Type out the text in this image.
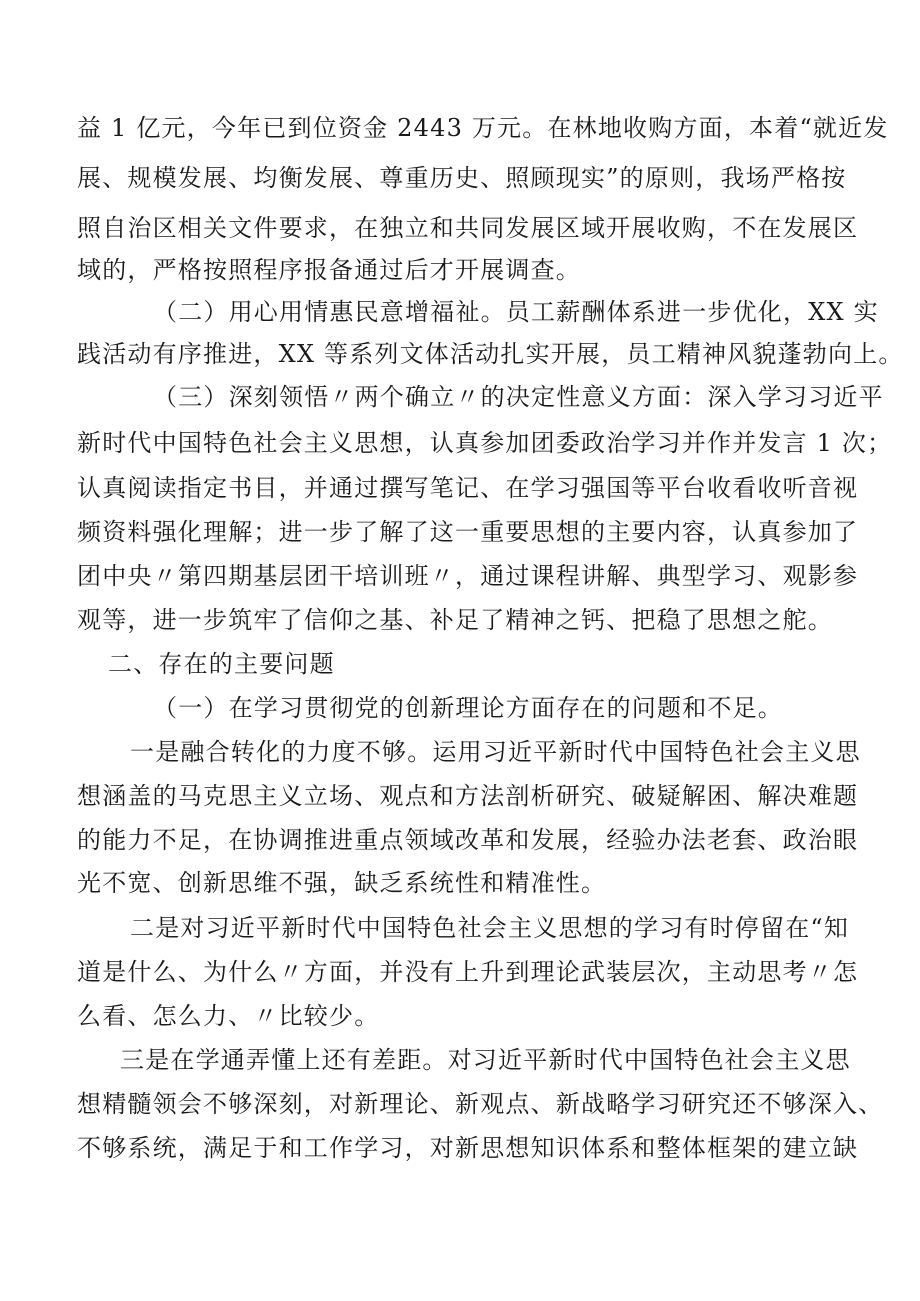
益 1 亿元，今年已到位资金 2443 万元。在林地收购方面，本着“就近发
展、规模发展、均衡发展、尊重历史、照顾现实”的原则，我场严格按
照自治区相关文件要求，在独立和共同发展区域开展收购，不在发展区
域的，严格按照程序报备通过后才开展调查。
（二）用心用情惠民意增福祉。员工薪酬体系进一步优化，XX 实
践活动有序推进，XX 等系列文体活动扎实开展，员工精神风貌蓬勃向上。
（三）深刻领悟〃两个确立〃的决定性意义方面：深入学习习近平
新时代中国特色社会主义思想，认真参加团委政治学习并作并发言 1 次；
认真阅读指定书目，并通过撰写笔记、在学习强国等平台收看收听音视
频资料强化理解；进一步了解了这一重要思想的主要内容，认真参加了
团中央〃第四期基层团干培训班〃，通过课程讲解、典型学习、观影参
观等，进一步筑牢了信仰之基、补足了精神之钙、把稳了思想之舵。
二、存在的主要问题
（一）在学习贯彻党的创新理论方面存在的问题和不足。
一是融合转化的力度不够。运用习近平新时代中国特色社会主义思
想涵盖的马克思主义立场、观点和方法剖析研究、破疑解困、解决难题
的能力不足，在协调推进重点领域改革和发展，经验办法老套、政治眼
光不宽、创新思维不强，缺乏系统性和精准性。
二是对习近平新时代中国特色社会主义思想的学习有时停留在“知
道是什么、为什么〃方面，并没有上升到理论武装层次，主动思考〃怎
么看、怎么力、〃比较少。
三是在学通弄懂上还有差距。对习近平新时代中国特色社会主义思
想精髓领会不够深刻，对新理论、新观点、新战略学习研究还不够深入、
不够系统，满足于和工作学习，对新思想知识体系和整体框架的建立缺
